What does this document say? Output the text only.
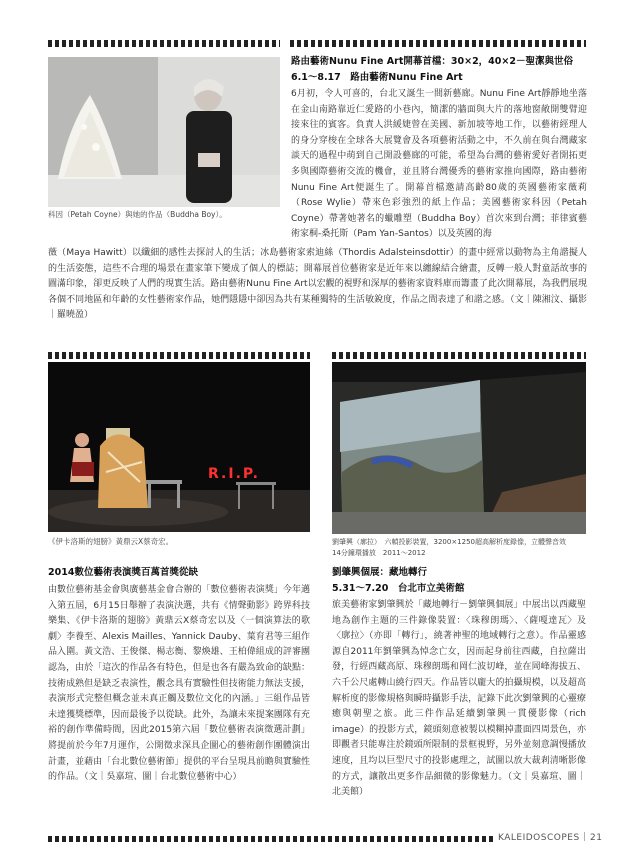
科因（Petah Coyne）與她的作品（Buddha Boy）。
路由藝術Nunu Fine Art開幕首檔：30×2，40×2－聖潔與世俗
6.1～8.17　路由藝術Nunu Fine Art

6月初，令人可喜的，台北又誕生一間新藝廊。Nunu Fine Art靜靜地坐落在金山南路靠近仁愛路的小巷內，簡潔的牆面與大片的落地窗敞開雙臂迎接來往的賓客。負責人洪緩婕曾在美國、新加坡等地工作，以藝術經理人的身分穿梭在全球各大展覽會及各項藝術活動之中，不久前在與台灣藏家談天的過程中萌到自己開設藝廊的可能，希望為台灣的藝術愛好者開拓更多與國際藝術交流的機會，並且將台灣優秀的藝術家推向國際，路由藝術Nunu Fine Art便誕生了。開幕首檔邀請高齡80歲的英國藝術家薇莉（Rose Wylie）帶來色彩強烈的紙上作品；美國藝術家科因（Petah Coyne）帶著她著名的蠟雕塑（Buddha Boy）首次來到台灣；菲律賓藝術家桐-桑托斯（Pam Yan-Santos）以及英國的海

薇（Maya Hawitt）以纖細的感性去探討人的生活；冰島藝術家索迪絲（Thordis Adalsteinsdottir）的畫中經常以動物為主角諧擬人的生活姿態，這些不合理的場景在畫家筆下變成了個人的標誌；開幕展首位藝術家是近年來以纏線結合繪畫，反轉一般人對童話故事的圖滿印象，卻更反映了人們的現實生活。路由藝術Nunu Fine Art以宏觀的視野和深厚的藝術家資料庫而籌畫了此次開幕展，為我們展現各個不同地區和年齡的女性藝術家作品，她們隱隱中卻因為共有某種獨特的生活敏銳度，作品之間表達了和諧之感。（文｜陳湘汶、攝影｜羅曉盈）

R.I.P.
《伊卡洛斯的翅膀》黃鼎云X蔡奇宏。
2014數位藝術表演獎百萬首獎從缺

由數位藝術基金會與廣藝基金會合辦的「數位藝術表演獎」今年邁入第五屆，6月15日舉辦了表演決選，共有《情聲動影》跨界科技樂集、《伊卡洛斯的翅膀》黃鼎云X蔡奇宏以及〈一個演算法的歌劇〉李養至、Alexis Mailles、Yannick Dauby、葉育君等三組作品入圍。黃文浩、王俊傑、楊志衡、黎煥雄、王柏偉組成的評審團認為，由於「這次的作品各有特色，但是也各有嚴為致命的缺點：技術成熟但是缺乏表演性，觀念具有實驗性但技術能力無法支援，表演形式完整但概念並未真正觸及數位文化的內涵。」三組作品皆未達獲獎標準，因而最後予以從缺。此外，為讓未來提案團隊有充裕的創作準備時間，因此2015第六屆「數位藝術表演徵選計劃」將提前於今年7月運作，公開徵求深具企圖心的藝術創作團體演出計畫，並藉由「台北數位藝術節」提供的平台呈現具前瞻與實驗性的作品。（文｜吳嘉瑄、圖｜台北數位藝術中心）

劉肇興（廓拉）　六幀投影裝置，3200×1250超高解析度錄像，立體聲音效
14分鐘環播放　2011～2012
劉肇興個展：藏地轉行
5.31～7.20　台北市立美術館

旅美藝術家劉肇興於「藏地轉行－劉肇興個展」中展出以西藏聖地為創作主題的三件錄像裝置：〈珠穆朗瑪〉、〈薩嘎達瓦〉及〈廓拉〉（亦即「轉行」，繞著神聖的地域轉行之意）。作品靈感源自2011年劉肇興為悼念亡女，因而起身前往西藏，自拉薩出發，行經西藏高原、珠穆朗瑪和岡仁波切峰，並在岡峰海拔五、六千公尺處轉山繞行四天。作品皆以龐大的拍攝規模，以及超高解析度的影像規格與瞬時攝影手法，記錄下此次劉肇興的心靈療癒與朝聖之旅。此三件作品延續劉肇興一貫優影像（rich image）的投影方式，鏡頭刻意被製以模糊掉畫面四周景色，亦即觀者只能專注於鏡頭所限制的景框視野，另外並刻意調慢播放速度，且均以巨型尺寸的投影處理之，試圖以放大裁剎清晰影像的方式，讓散出更多作品細微的影像魅力。（文｜吳嘉瑄、圖｜北美館）

KALEIDOSCOPES | 21
